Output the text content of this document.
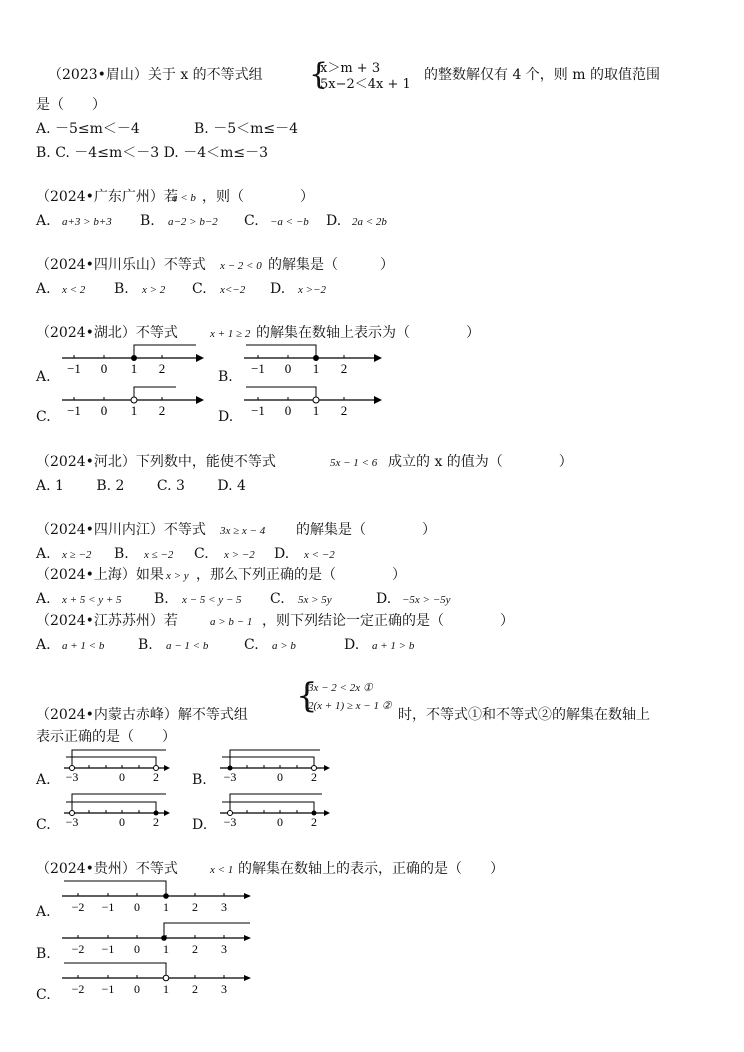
（2023•眉山）关于 x 的不等式组 {
x＞m + 3
5x−2＜4x + 1
的整数解仅有 4 个，则 m 的取值范围
是（　　）
A. －5≤m＜－4	B. －5＜m≤－4
B. C. －4≤m＜－3 D. －4＜m≤－3
（2024•广东广州）若
a < b ，则（　　　　）
A. a+3 > b+3 B. a−2 > b−2 C. −a < −b D. 2a < 2b
（2024•四川乐山）不等式 x − 2 < 0 的解集是（　　　）
A. x < 2 B. x > 2 C. x<−2 D. x >−2
（2024•湖北）不等式	x + 1 ≥ 2 的解集在数轴上表示为（　　　　）
A.	B.
C.	D.
−1 0 1 2	−1 0 1 2
−1 0 1 2	−1 0 1 2
（2024•河北）下列数中，能使不等式	5x − 1 < 6 成立的 x 的值为（　　　　）
A. 1　　 B. 2　　 C. 3　　 D. 4
（2024•四川内江）不等式 3x ≥ x − 4 的解集是（　　　　）
A. x ≥ −2 B. x ≤ −2 C. x > −2 D. x < −2
（2024•上海）如果 x > y ，那么下列正确的是（　　　　）
A. x + 5 < y + 5 B. x − 5 < y − 5 C. 5x > 5y	D. −5x > −5y
（2024•江苏苏州）若	a > b − 1 ，则下列结论一定正确的是（　　　　）
A. a + 1 < b B. a − 1 < b	C. a > b	D. a + 1 > b
（2024•内蒙古赤峰）解不等式组 {
3x − 2 < 2x ①
2(x + 1) ≥ x − 1 ②
时，不等式①和不等式②的解集在数轴上
表示正确的是（　　）
A.	B.
C.	D.
−3	0 2	−3	0 2
−3	0 2	−3	0 2
（2024•贵州）不等式	x < 1 的解集在数轴上的表示，正确的是（　　）
A.
B.
C.
−2 −1 0 1 2 3
−2 −1 0 1 2 3
−2 −1 0 1 2 3
